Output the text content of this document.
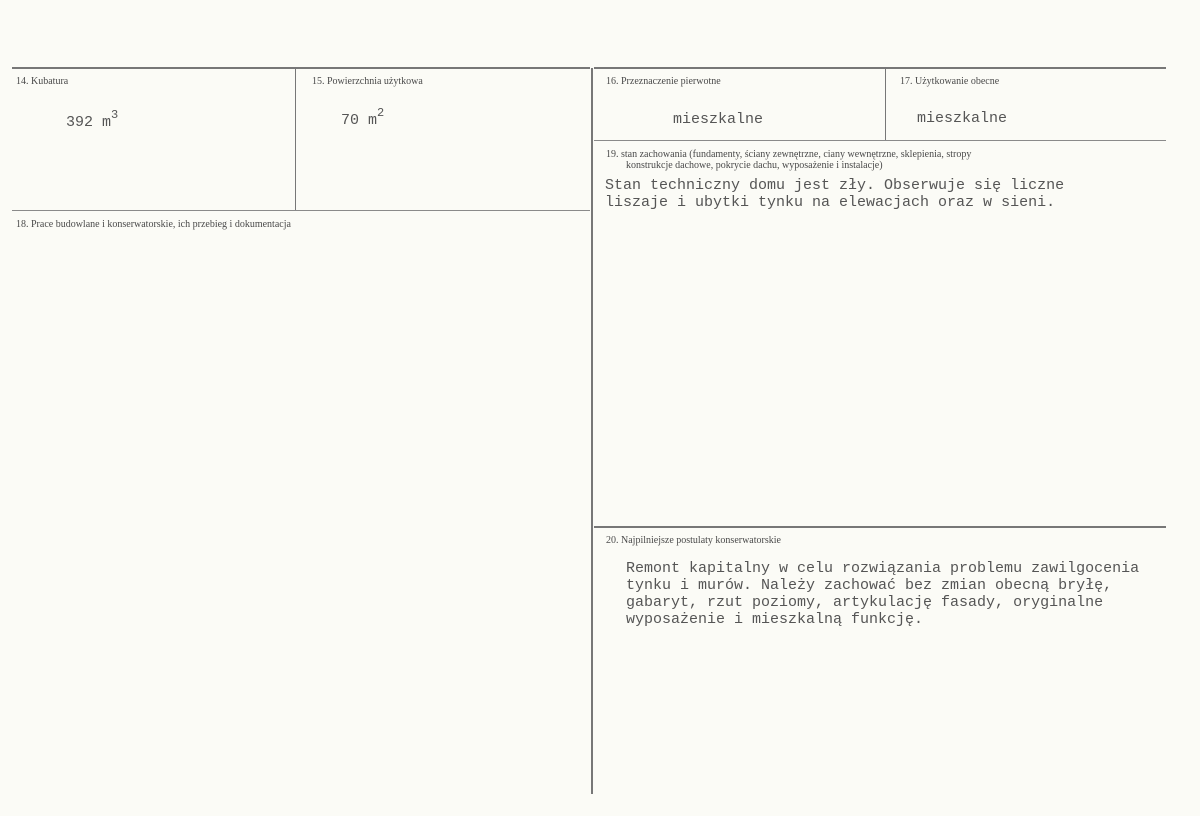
14. Kubatura
392 $m^3$
15. Powierzchnia użytkowa
70 $m^2$
16. Przeznaczenie pierwotne
mieszkalne
17. Użytkowanie obecne
mieszkalne
18. Prace budowlane i konserwatorskie, ich przebieg i dokumentacja
19. stan zachowania (fundamenty, ściany zewnętrzne, ciany wewnętrzne, sklepienia, stropy
konstrukcje dachowe, pokrycie dachu, wyposażenie i instalacje)
Stan techniczny domu jest zły. Obserwuje się liczne
liszaje i ubytki tynku na elewacjach oraz w sieni.
20. Najpilniejsze postulaty konserwatorskie
Remont kapitalny w celu rozwiązania problemu zawilgocenia
tynku i murów. Należy zachować bez zmian obecną bryłę,
gabaryt, rzut poziomy, artykulację fasady, oryginalne
wyposażenie i mieszkalną funkcję.
